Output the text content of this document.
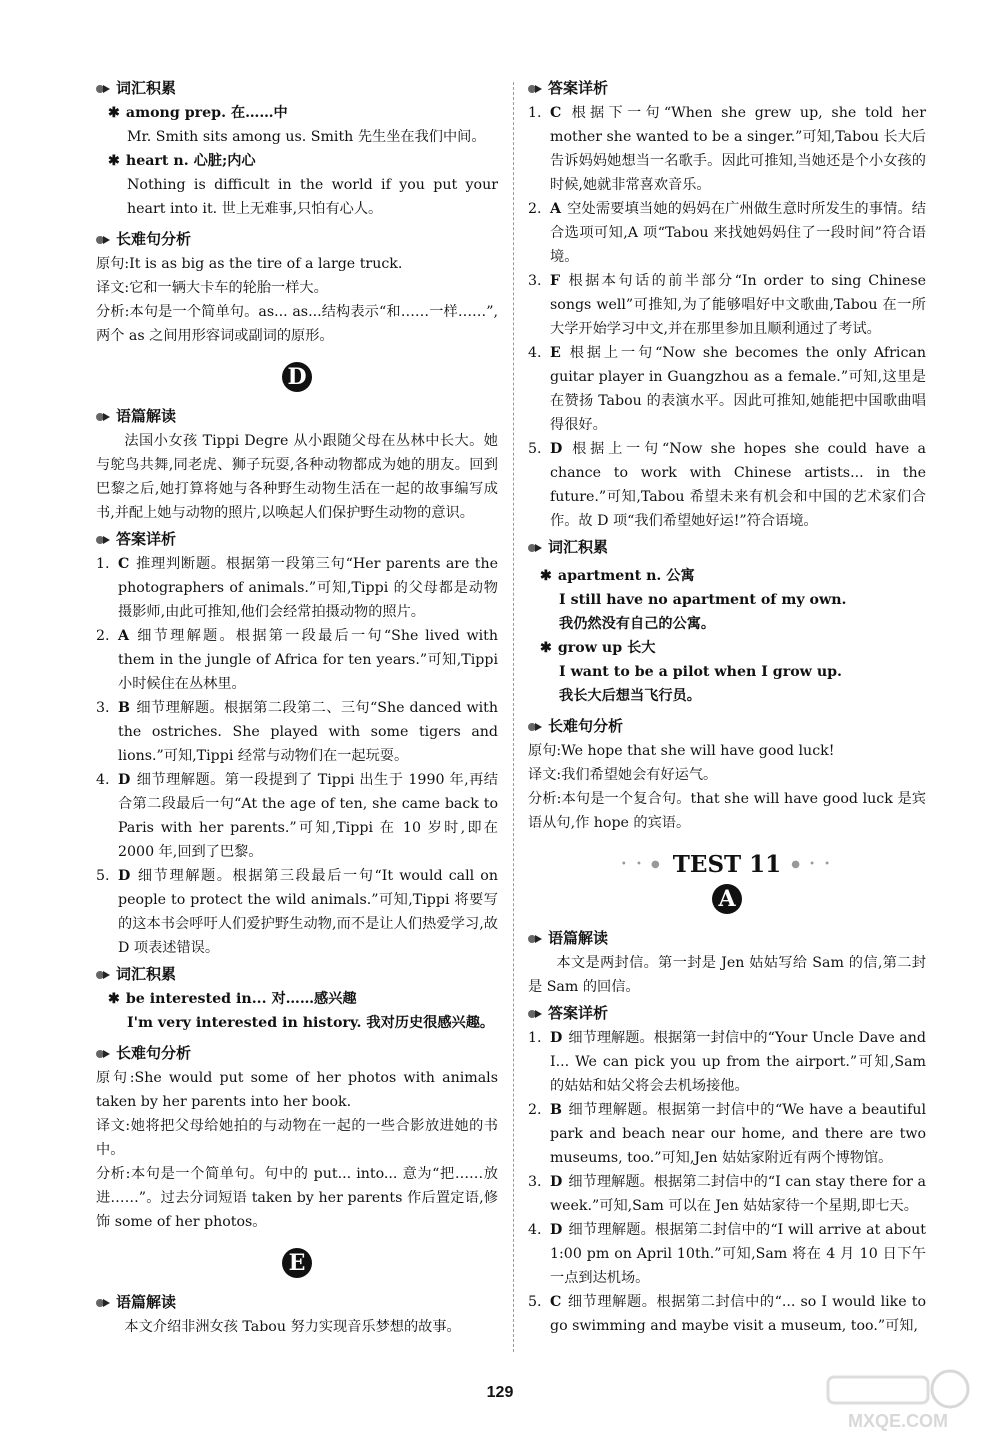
词汇积累
✱ among prep. 在……中
Mr. Smith sits among us. Smith 先生坐在我们中间。
✱ heart n. 心脏;内心
Nothing is difficult in the world if you put your heart into it. 世上无难事,只怕有心人。
长难句分析
原句:It is as big as the tire of a large truck.
译文:它和一辆大卡车的轮胎一样大。
分析:本句是一个简单句。as... as...结构表示“和……一样……”,两个 as 之间用形容词或副词的原形。
D
语篇解读
法国小女孩 Tippi Degre 从小跟随父母在丛林中长大。她与鸵鸟共舞,同老虎、狮子玩耍,各种动物都成为她的朋友。回到巴黎之后,她打算将她与各种野生动物生活在一起的故事编写成书,并配上她与动物的照片,以唤起人们保护野生动物的意识。
答案详析
1. C 推理判断题。根据第一段第三句“Her parents are the photographers of animals.”可知,Tippi 的父母都是动物摄影师,由此可推知,他们会经常拍摄动物的照片。
2. A 细节理解题。根据第一段最后一句“She lived with them in the jungle of Africa for ten years.”可知,Tippi 小时候住在丛林里。
3. B 细节理解题。根据第二段第二、三句“She danced with the ostriches. She played with some tigers and lions.”可知,Tippi 经常与动物们在一起玩耍。
4. D 细节理解题。第一段提到了 Tippi 出生于 1990 年,再结合第二段最后一句“At the age of ten, she came back to Paris with her parents.”可知,Tippi 在 10 岁时,即在 2000 年,回到了巴黎。
5. D 细节理解题。根据第三段最后一句“It would call on people to protect the wild animals.”可知,Tippi 将要写的这本书会呼吁人们爱护野生动物,而不是让人们热爱学习,故 D 项表述错误。
词汇积累
✱ be interested in... 对……感兴趣
I'm very interested in history. 我对历史很感兴趣。
长难句分析
原句:She would put some of her photos with animals taken by her parents into her book.
译文:她将把父母给她拍的与动物在一起的一些合影放进她的书中。
分析:本句是一个简单句。句中的 put... into... 意为“把……放进……”。过去分词短语 taken by her parents 作后置定语,修饰 some of her photos。
E
语篇解读
本文介绍非洲女孩 Tabou 努力实现音乐梦想的故事。
答案详析
1. C 根据下一句“When she grew up, she told her mother she wanted to be a singer.”可知,Tabou 长大后告诉妈妈她想当一名歌手。因此可推知,当她还是个小女孩的时候,她就非常喜欢音乐。
2. A 空处需要填当她的妈妈在广州做生意时所发生的事情。结合选项可知,A 项“Tabou 来找她妈妈住了一段时间”符合语境。
3. F 根据本句话的前半部分“In order to sing Chinese songs well”可推知,为了能够唱好中文歌曲,Tabou 在一所大学开始学习中文,并在那里参加且顺利通过了考试。
4. E 根据上一句“Now she becomes the only African guitar player in Guangzhou as a female.”可知,这里是在赞扬 Tabou 的表演水平。因此可推知,她能把中国歌曲唱得很好。
5. D 根据上一句“Now she hopes she could have a chance to work with Chinese artists... in the future.”可知,Tabou 希望未来有机会和中国的艺术家们合作。故 D 项“我们希望她好运!”符合语境。
词汇积累
✱ apartment n. 公寓
I still have no apartment of my own.
我仍然没有自己的公寓。
✱ grow up 长大
I want to be a pilot when I grow up.
我长大后想当飞行员。
长难句分析
原句:We hope that she will have good luck!
译文:我们希望她会有好运气。
分析:本句是一个复合句。that she will have good luck 是宾语从句,作 hope 的宾语。
• • ● TEST 11 ● • •
A
语篇解读
本文是两封信。第一封是 Jen 姑姑写给 Sam 的信,第二封是 Sam 的回信。
答案详析
1. D 细节理解题。根据第一封信中的“Your Uncle Dave and I... We can pick you up from the airport.”可知,Sam 的姑姑和姑父将会去机场接他。
2. B 细节理解题。根据第一封信中的“We have a beautiful park and beach near our home, and there are two museums, too.”可知,Jen 姑姑家附近有两个博物馆。
3. D 细节理解题。根据第二封信中的“I can stay there for a week.”可知,Sam 可以在 Jen 姑姑家待一个星期,即七天。
4. D 细节理解题。根据第二封信中的“I will arrive at about 1:00 pm on April 10th.”可知,Sam 将在 4 月 10 日下午一点到达机场。
5. C 细节理解题。根据第二封信中的“... so I would like to go swimming and maybe visit a museum, too.”可知,
129
MXQE.COM
